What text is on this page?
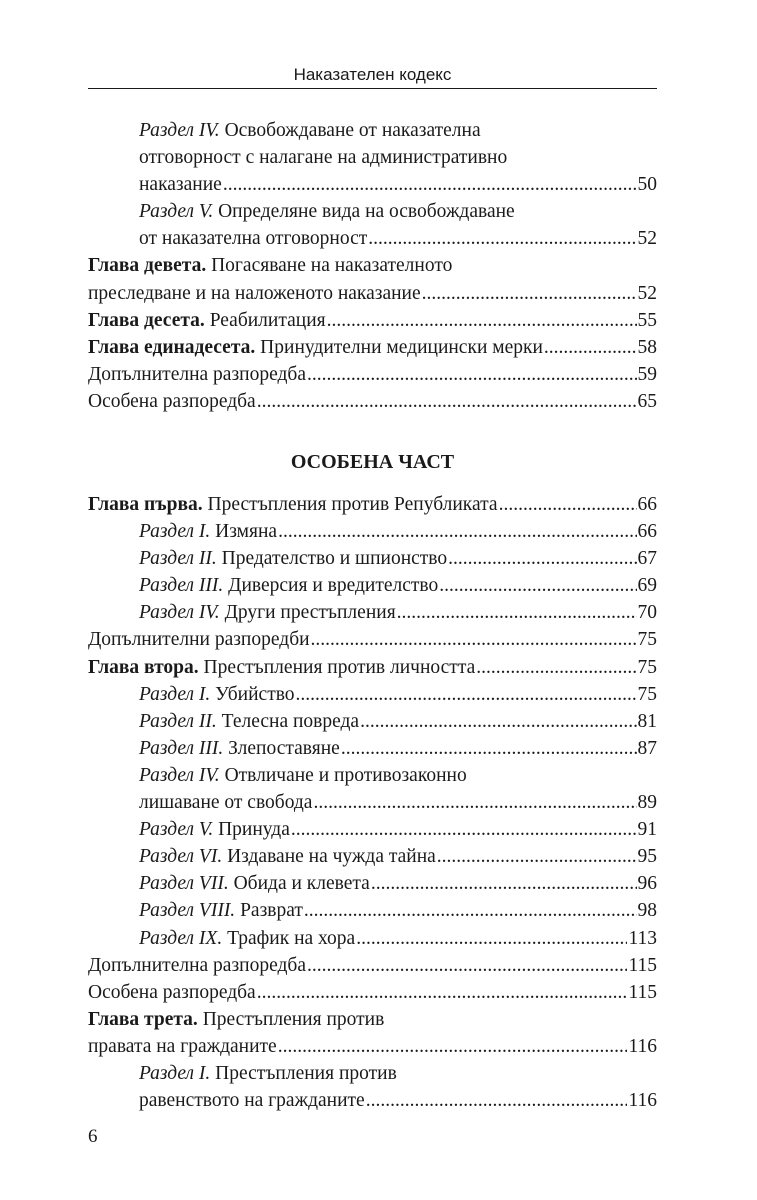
Наказателен кодекс
Раздел IV. Освобождаване от наказателна
отговорност с налагане на административно
наказание .....	50
Раздел V. Определяне вида на освобождаване
от наказателна отговорност .....	52
Глава девета. Погасяване на наказателното
преследване и на наложеното наказание .....	52
Глава десета. Реабилитация .....	55
Глава единадесета. Принудителни медицински мерки .....	58
Допълнителна разпоредба .....	59
Особена разпоредба .....	65
ОСОБЕНА ЧАСТ
Глава първа. Престъпления против Републиката .....	66
Раздел I. Измяна .....	66
Раздел II. Предателство и шпионство .....	67
Раздел III. Диверсия и вредителство .....	69
Раздел IV. Други престъпления .....	70
Допълнителни разпоредби .....	75
Глава втора. Престъпления против личността .....	75
Раздел I. Убийство .....	75
Раздел II. Телесна повреда .....	81
Раздел III. Злепоставяне .....	87
Раздел IV. Отвличане и противозаконно
лишаване от свобода .....	89
Раздел V. Принуда .....	91
Раздел VI. Издаване на чужда тайна .....	95
Раздел VII. Обида и клевета .....	96
Раздел VIII. Разврат .....	98
Раздел IX. Трафик на хора .....	113
Допълнителна разпоредба .....	115
Особена разпоредба .....	115
Глава трета. Престъпления против
правата на гражданите .....	116
Раздел I. Престъпления против
равенството на гражданите .....	116
6
